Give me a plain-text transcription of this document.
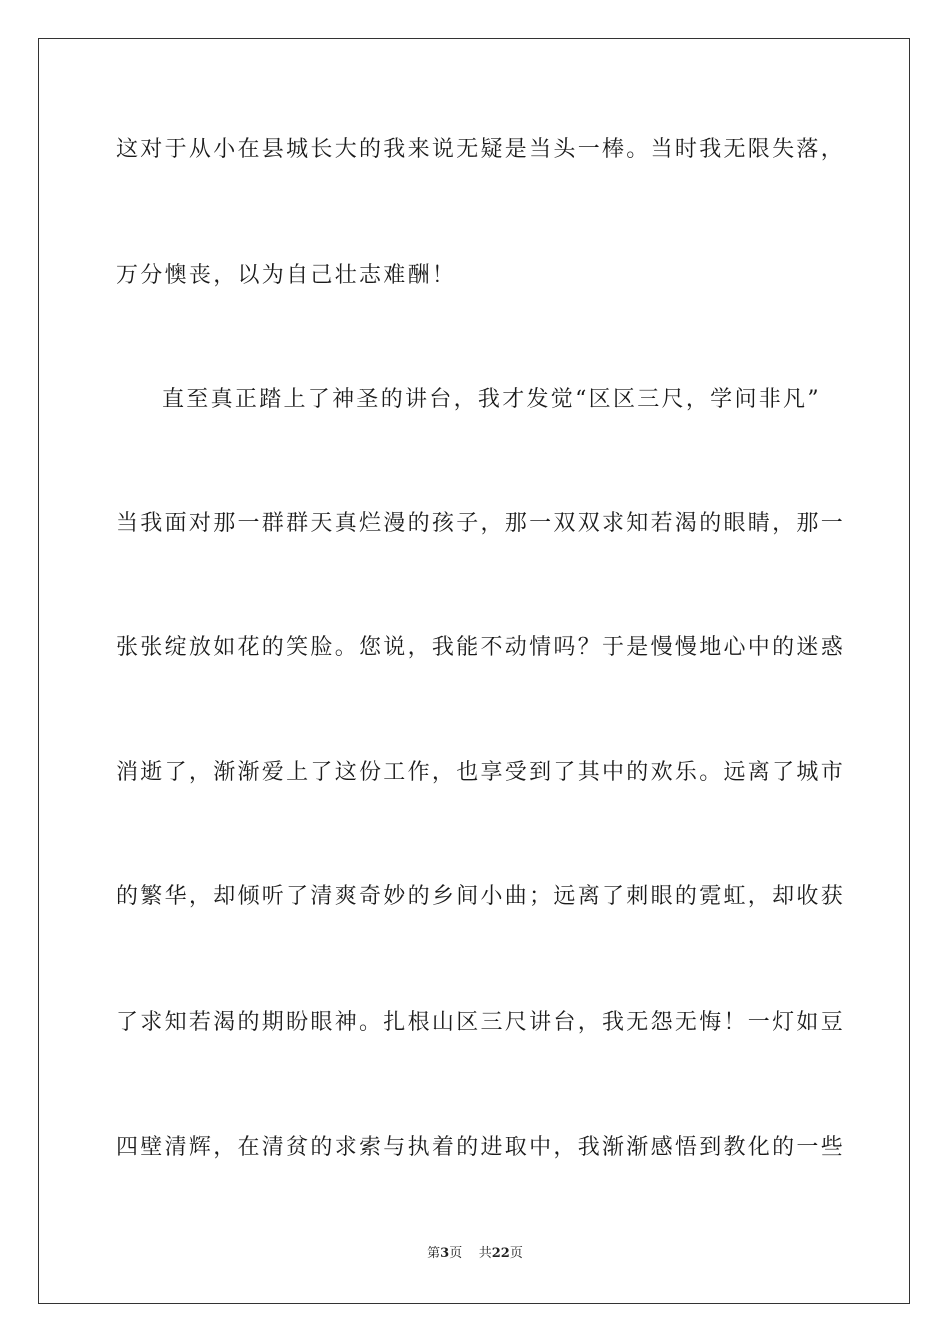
这对于从小在县城长大的我来说无疑是当头一棒。当时我无限失落，
万分懊丧，以为自己壮志难酬！
直至真正踏上了神圣的讲台，我才发觉“区区三尺，学问非凡”
当我面对那一群群天真烂漫的孩子，那一双双求知若渴的眼睛，那一
张张绽放如花的笑脸。您说，我能不动情吗？于是慢慢地心中的迷惑
消逝了，渐渐爱上了这份工作，也享受到了其中的欢乐。远离了城市
的繁华，却倾听了清爽奇妙的乡间小曲；远离了刺眼的霓虹，却收获
了求知若渴的期盼眼神。扎根山区三尺讲台，我无怨无悔！一灯如豆
四壁清辉，在清贫的求索与执着的进取中，我渐渐感悟到教化的一些
第3页 共22页
